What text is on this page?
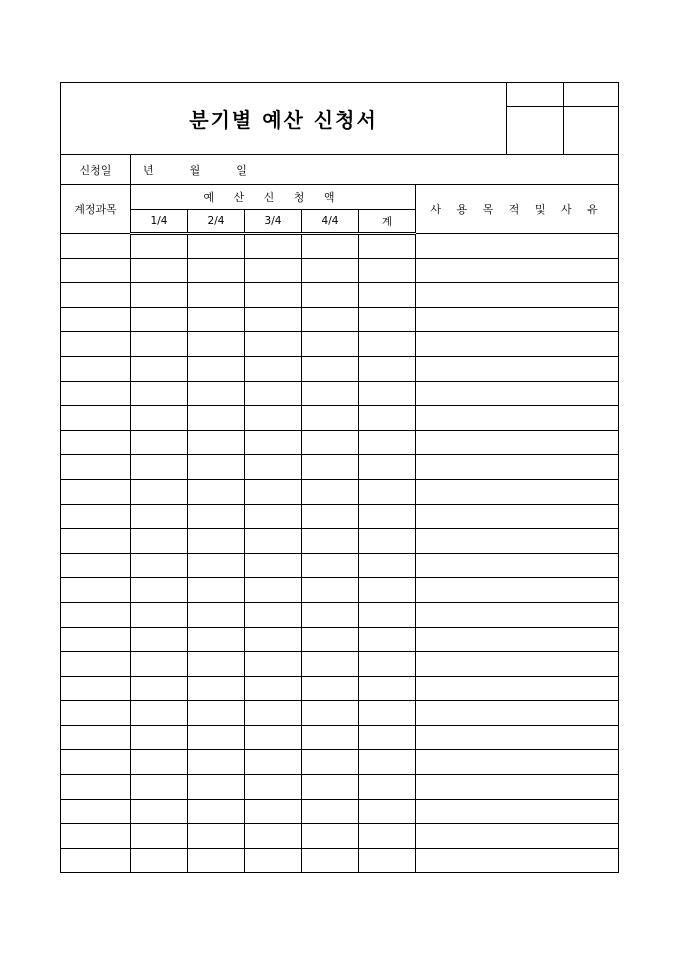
분기별 예산 신청서								

신청일	년 월 일							
계정과목	예 산 신 청 액					사 용 목 적 및 사 유		
	1/4	2/4	3/4	4/4	계			
